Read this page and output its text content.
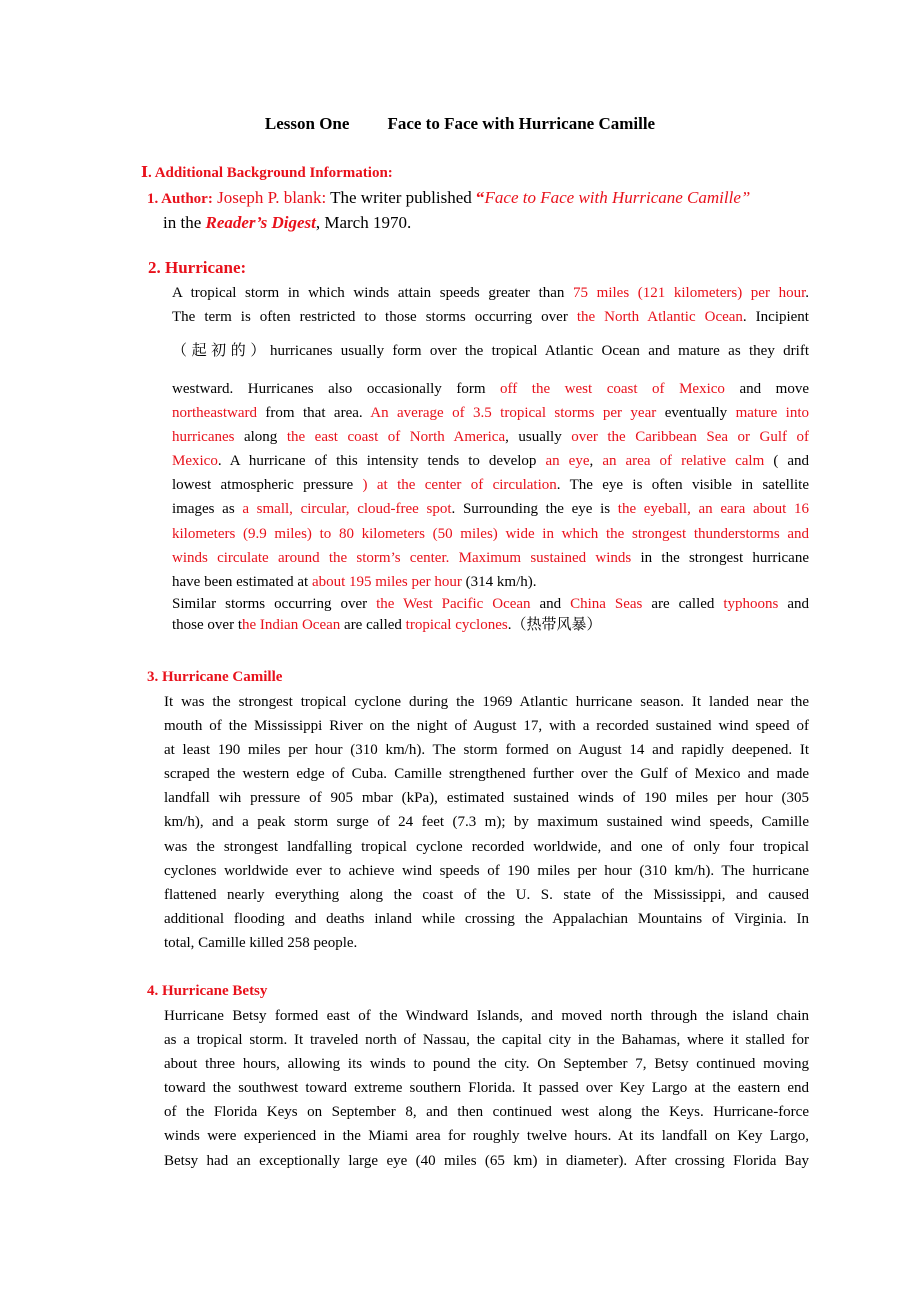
Lesson One Face to Face with Hurricane Camille
Ⅰ. Additional Background Information:
1. Author: Joseph P. blank: The writer published “Face to Face with Hurricane Camille”
in the Reader’s Digest, March 1970.
2. Hurricane:
A tropical storm in which winds attain speeds greater than 75 miles (121 kilometers) per hour.
The term is often restricted to those storms occurring over the North Atlantic Ocean. Incipient
（起初的）hurricanes usually form over the tropical Atlantic Ocean and mature as they drift
westward. Hurricanes also occasionally form off the west coast of Mexico and move
northeastward from that area. An average of 3.5 tropical storms per year eventually mature into
hurricanes along the east coast of North America, usually over the Caribbean Sea or Gulf of
Mexico. A hurricane of this intensity tends to develop an eye, an area of relative calm ( and
lowest atmospheric pressure ) at the center of circulation. The eye is often visible in satellite
images as a small, circular, cloud-free spot. Surrounding the eye is the eyeball, an eara about 16
kilometers (9.9 miles) to 80 kilometers (50 miles) wide in which the strongest thunderstorms and
winds circulate around the storm’s center. Maximum sustained winds in the strongest hurricane
have been estimated at about 195 miles per hour (314 km/h).
Similar storms occurring over the West Pacific Ocean and China Seas are called typhoons and
those over the Indian Ocean are called tropical cyclones.（热带风暴）
3. Hurricane Camille
It was the strongest tropical cyclone during the 1969 Atlantic hurricane season. It landed near the
mouth of the Mississippi River on the night of August 17, with a recorded sustained wind speed of
at least 190 miles per hour (310 km/h). The storm formed on August 14 and rapidly deepened. It
scraped the western edge of Cuba. Camille strengthened further over the Gulf of Mexico and made
landfall wih pressure of 905 mbar (kPa), estimated sustained winds of 190 miles per hour (305
km/h), and a peak storm surge of 24 feet (7.3 m); by maximum sustained wind speeds, Camille
was the strongest landfalling tropical cyclone recorded worldwide, and one of only four tropical
cyclones worldwide ever to achieve wind speeds of 190 miles per hour (310 km/h). The hurricane
flattened nearly everything along the coast of the U. S. state of the Mississippi, and caused
additional flooding and deaths inland while crossing the Appalachian Mountains of Virginia. In
total, Camille killed 258 people.
4. Hurricane Betsy
Hurricane Betsy formed east of the Windward Islands, and moved north through the island chain
as a tropical storm. It traveled north of Nassau, the capital city in the Bahamas, where it stalled for
about three hours, allowing its winds to pound the city. On September 7, Betsy continued moving
toward the southwest toward extreme southern Florida. It passed over Key Largo at the eastern end
of the Florida Keys on September 8, and then continued west along the Keys. Hurricane-force
winds were experienced in the Miami area for roughly twelve hours. At its landfall on Key Largo,
Betsy had an exceptionally large eye (40 miles (65 km) in diameter). After crossing Florida Bay
